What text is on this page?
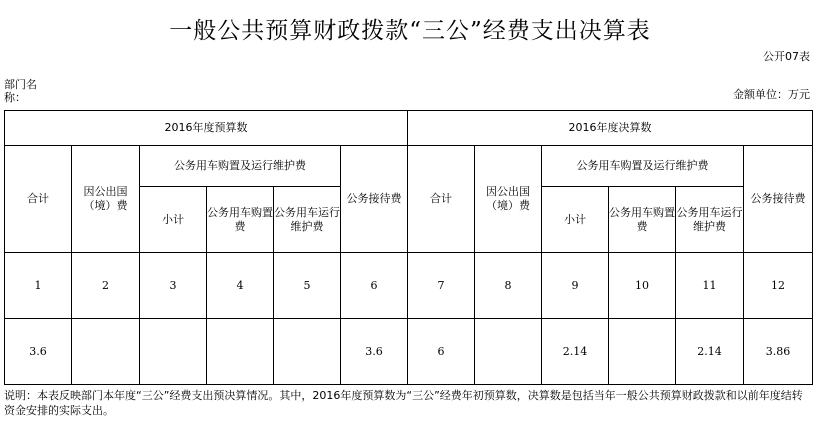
一般公共预算财政拨款“三公”经费支出决算表
公开07表
部门名称：	金额单位：万元
2016年度预算数						2016年度决算数					
合计	因公出国（境）费	公务用车购置及运行维护费			公务接待费	合计	因公出国（境）费	公务用车购置及运行维护费			公务接待费
		小计	公务用车购置费	公务用车运行维护费				小计	公务用车购置费	公务用车运行维护费	
1	2	3	4	5	6	7	8	9	10	11	12
3.6					3.6	6		2.14		2.14	3.86
说明：本表反映部门本年度“三公”经费支出预决算情况。其中，2016年度预算数为“三公”经费年初预算数，决算数是包括当年一般公共预算财政拨款和以前年度结转资金安排的实际支出。
